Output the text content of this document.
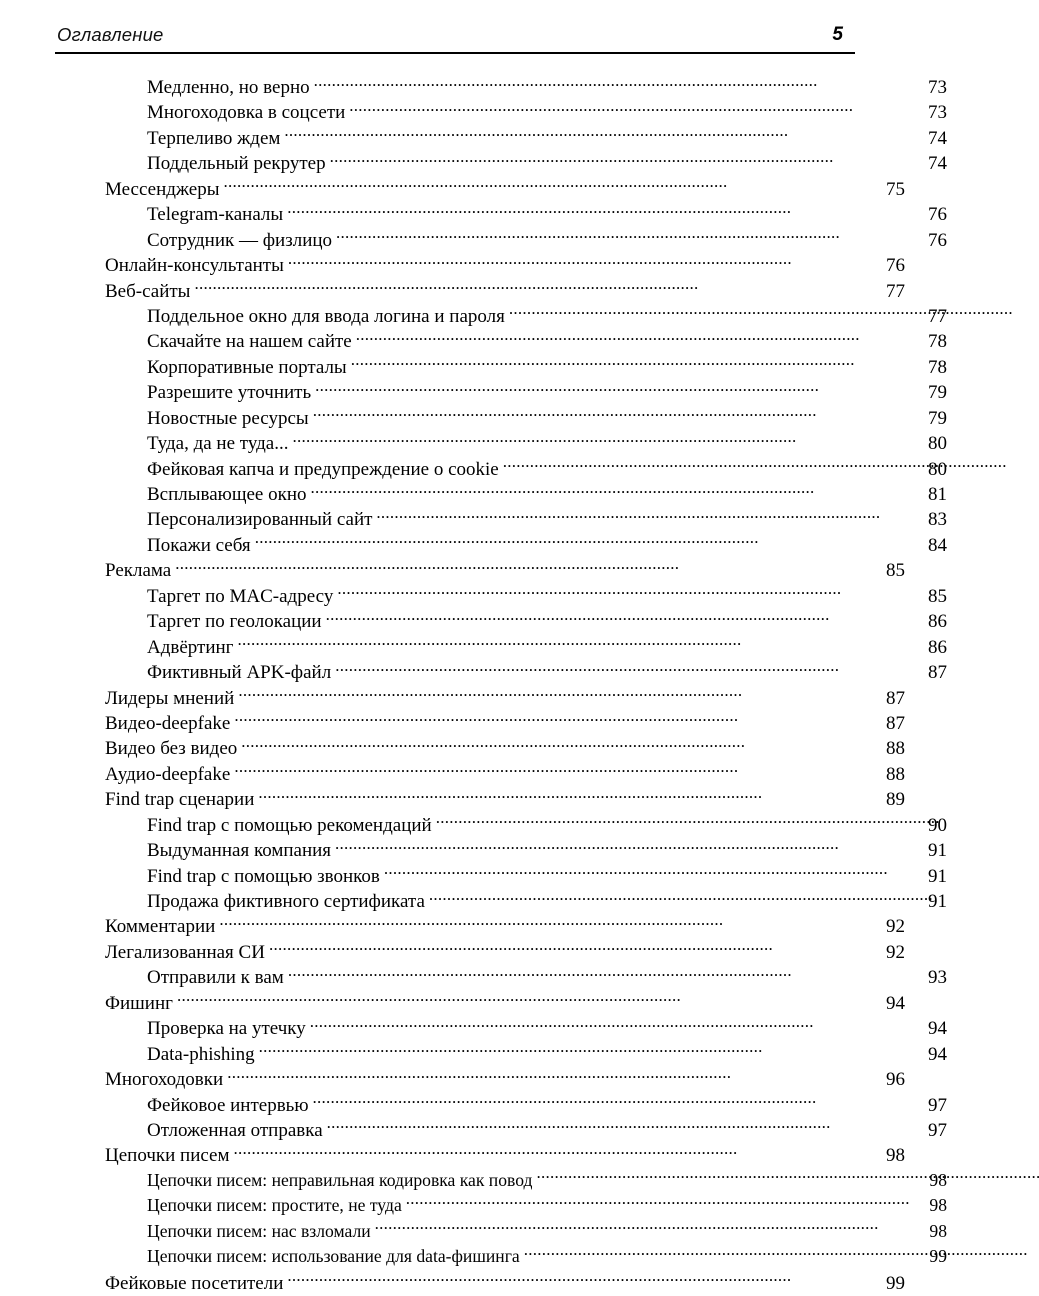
Оглавление	5
Медленно, но верно . . .	73
Многоходовка в соцсети . . .	73
Терпеливо ждем . . .	74
Поддельный рекрутер . . .	74
Мессенджеры . . .	75
Telegram-каналы . . .	76
Сотрудник — физлицо . . .	76
Онлайн-консультанты . . .	76
Веб-сайты . . .	77
Поддельное окно для ввода логина и пароля . . .	77
Скачайте на нашем сайте . . .	78
Корпоративные порталы . . .	78
Разрешите уточнить . . .	79
Новостные ресурсы . . .	79
Туда, да не туда... . . .	80
Фейковая капча и предупреждение о cookie . . .	80
Всплывающее окно . . .	81
Персонализированный сайт . . .	83
Покажи себя . . .	84
Реклама . . .	85
Таргет по MAC-адресу . . .	85
Таргет по геолокации . . .	86
Адвёртинг . . .	86
Фиктивный APK-файл . . .	87
Лидеры мнений . . .	87
Видео-deepfake . . .	87
Видео без видео . . .	88
Аудио-deepfake . . .	88
Find trap сценарии . . .	89
Find trap с помощью рекомендаций . . .	90
Выдуманная компания . . .	91
Find trap с помощью звонков . . .	91
Продажа фиктивного сертификата . . .	91
Комментарии . . .	92
Легализованная СИ . . .	92
Отправили к вам . . .	93
Фишинг . . .	94
Проверка на утечку . . .	94
Data-phishing . . .	94
Многоходовки . . .	96
Фейковое интервью . . .	97
Отложенная отправка . . .	97
Цепочки писем . . .	98
Цепочки писем: неправильная кодировка как повод . . .	98
Цепочки писем: простите, не туда . . .	98
Цепочки писем: нас взломали . . .	98
Цепочки писем: использование для data-фишинга . . .	99
Фейковые посетители . . .	99
